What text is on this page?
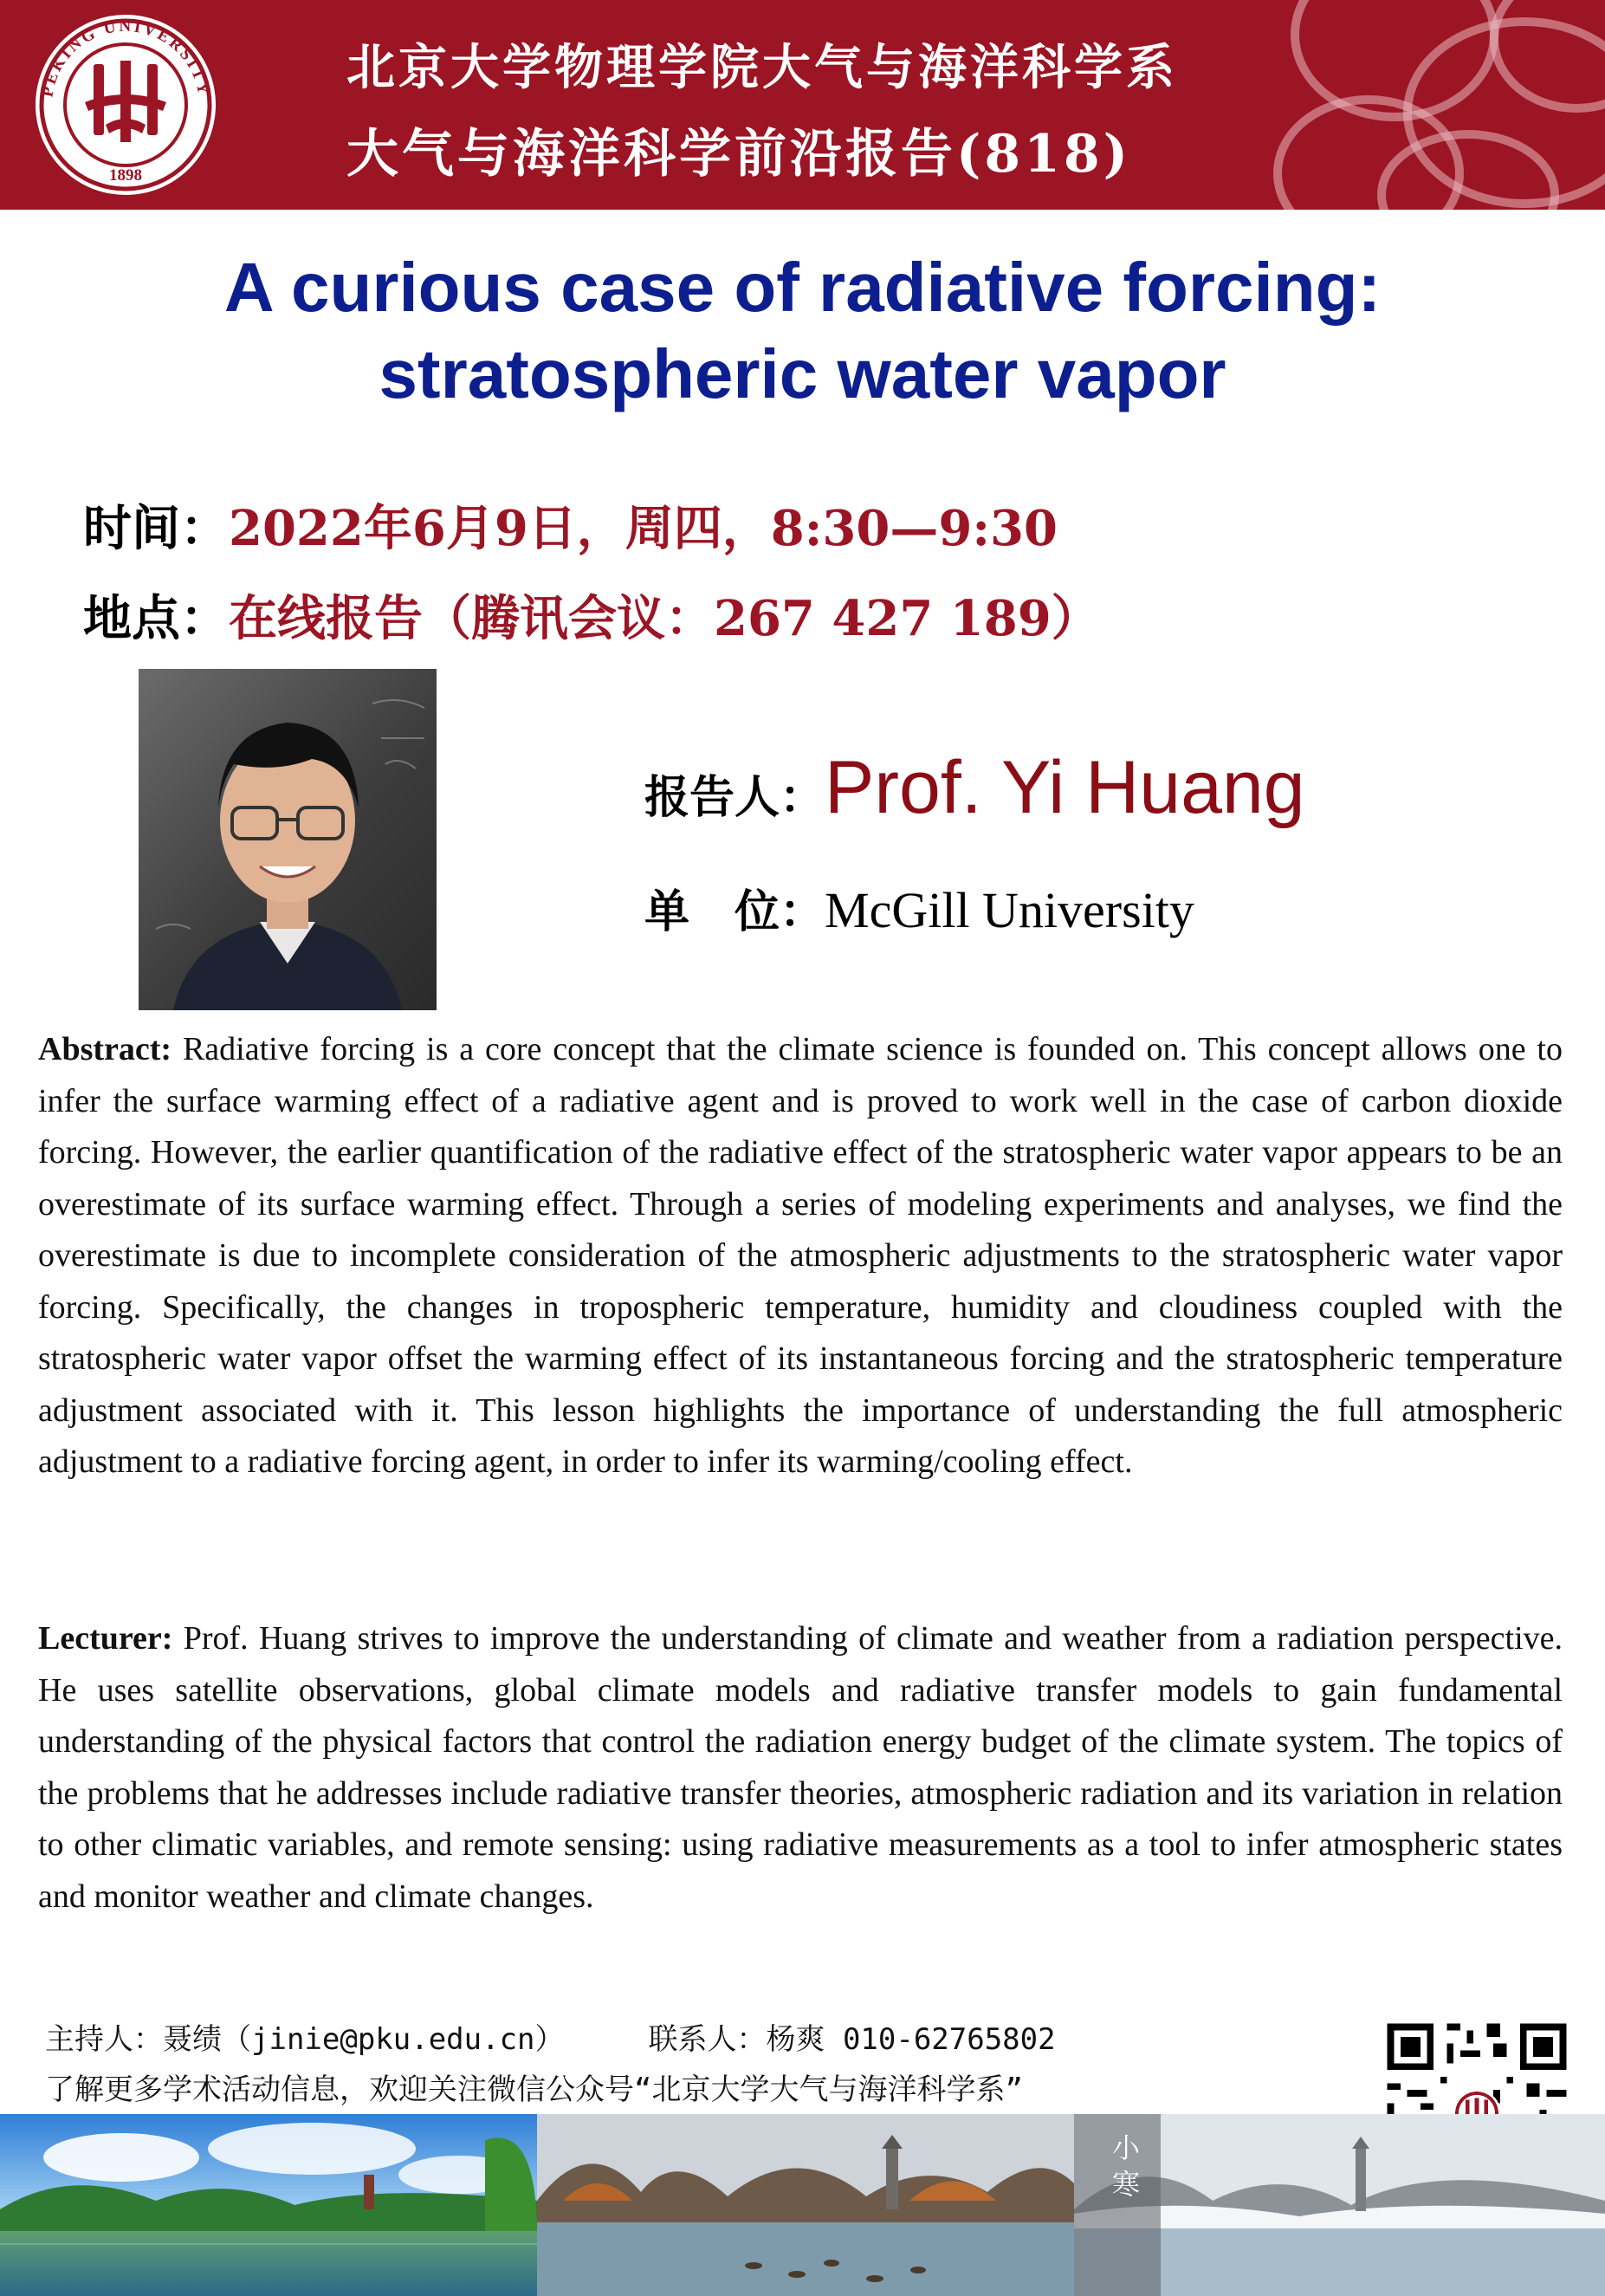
PEKING UNIVERSITY
1898
北京大学物理学院大气与海洋科学系
大气与海洋科学前沿报告(818)
A curious case of radiative forcing:
stratospheric water vapor
时间：2022年6月9日，周四，8:30—9:30
地点：在线报告（腾讯会议：267 427 189）
报告人：Prof. Yi Huang
单　位：McGill University
Abstract: Radiative forcing is a core concept that the climate science is founded on. This concept allows one to infer the surface warming effect of a radiative agent and is proved to work well in the case of carbon dioxide forcing. However, the earlier quantification of the radiative effect of the stratospheric water vapor appears to be an overestimate of its surface warming effect. Through a series of modeling experiments and analyses, we find the overestimate is due to incomplete consideration of the atmospheric adjustments to the stratospheric water vapor forcing. Specifically, the changes in tropospheric temperature, humidity and cloudiness coupled with the stratospheric water vapor offset the warming effect of its instantaneous forcing and the stratospheric temperature adjustment associated with it. This lesson highlights the importance of understanding the full atmospheric adjustment to a radiative forcing agent, in order to infer its warming/cooling effect.
Lecturer: Prof. Huang strives to improve the understanding of climate and weather from a radiation perspective. He uses satellite observations, global climate models and radiative transfer models to gain fundamental understanding of the physical factors that control the radiation energy budget of the climate system. The topics of the problems that he addresses include radiative transfer theories, atmospheric radiation and its variation in relation to other climatic variables, and remote sensing: using radiative measurements as a tool to infer atmospheric states and monitor weather and climate changes.
主持人：聂绩（jinie@pku.edu.cn）	联系人：杨爽 010-62765802
了解更多学术活动信息，欢迎关注微信公众号“北京大学大气与海洋科学系”
小
寒
